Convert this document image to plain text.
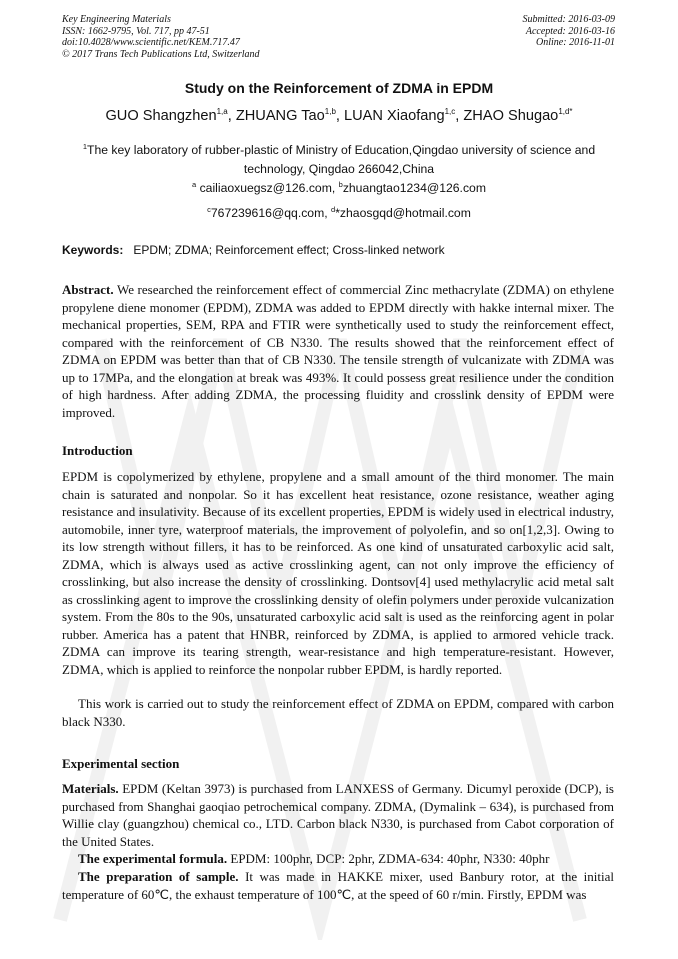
Key Engineering Materials
ISSN: 1662-9795, Vol. 717, pp 47-51
doi:10.4028/www.scientific.net/KEM.717.47
© 2017 Trans Tech Publications Ltd, Switzerland
Submitted: 2016-03-09
Accepted: 2016-03-16
Online: 2016-11-01
Study on the Reinforcement of ZDMA in EPDM
GUO Shangzhen$^{1,a}$, ZHUANG Tao$^{1,b}$, LUAN Xiaofang$^{1,c}$, ZHAO Shugao$^{1,d*}$
$^1$The key laboratory of rubber-plastic of Ministry of Education,Qingdao university of science and technology, Qingdao 266042,China
$^a$ cailiaoxuegsz@126.com, $^b$zhuangtao1234@126.com
$^c$767239616@qq.com, $^d$*zhaosgqd@hotmail.com
Keywords: EPDM; ZDMA; Reinforcement effect; Cross-linked network
Abstract. We researched the reinforcement effect of commercial Zinc methacrylate (ZDMA) on ethylene propylene diene monomer (EPDM), ZDMA was added to EPDM directly with hakke internal mixer. The mechanical properties, SEM, RPA and FTIR were synthetically used to study the reinforcement effect, compared with the reinforcement of CB N330. The results showed that the reinforcement effect of ZDMA on EPDM was better than that of CB N330. The tensile strength of vulcanizate with ZDMA was up to 17MPa, and the elongation at break was 493%. It could possess great resilience under the condition of high hardness. After adding ZDMA, the processing fluidity and crosslink density of EPDM were improved.
Introduction
EPDM is copolymerized by ethylene, propylene and a small amount of the third monomer. The main chain is saturated and nonpolar. So it has excellent heat resistance, ozone resistance, weather aging resistance and insulativity. Because of its excellent properties, EPDM is widely used in electrical industry, automobile, inner tyre, waterproof materials, the improvement of polyolefin, and so on[1,2,3]. Owing to its low strength without fillers, it has to be reinforced. As one kind of unsaturated carboxylic acid salt, ZDMA, which is always used as active crosslinking agent, can not only improve the efficiency of crosslinking, but also increase the density of crosslinking. Dontsov[4] used methylacrylic acid metal salt as crosslinking agent to improve the crosslinking density of olefin polymers under peroxide vulcanization system. From the 80s to the 90s, unsaturated carboxylic acid salt is used as the reinforcing agent in polar rubber. America has a patent that HNBR, reinforced by ZDMA, is applied to armored vehicle track. ZDMA can improve its tearing strength, wear-resistance and high temperature-resistant. However, ZDMA, which is applied to reinforce the nonpolar rubber EPDM, is hardly reported.
This work is carried out to study the reinforcement effect of ZDMA on EPDM, compared with carbon black N330.
Experimental section
Materials. EPDM (Keltan 3973) is purchased from LANXESS of Germany. Dicumyl peroxide (DCP), is purchased from Shanghai gaoqiao petrochemical company. ZDMA, (Dymalink – 634), is purchased from Willie clay (guangzhou) chemical co., LTD. Carbon black N330, is purchased from Cabot corporation of the United States.
The experimental formula. EPDM: 100phr, DCP: 2phr, ZDMA-634: 40phr, N330: 40phr
The preparation of sample. It was made in HAKKE mixer, used Banbury rotor, at the initial temperature of 60℃, the exhaust temperature of 100℃, at the speed of 60 r/min. Firstly, EPDM was
